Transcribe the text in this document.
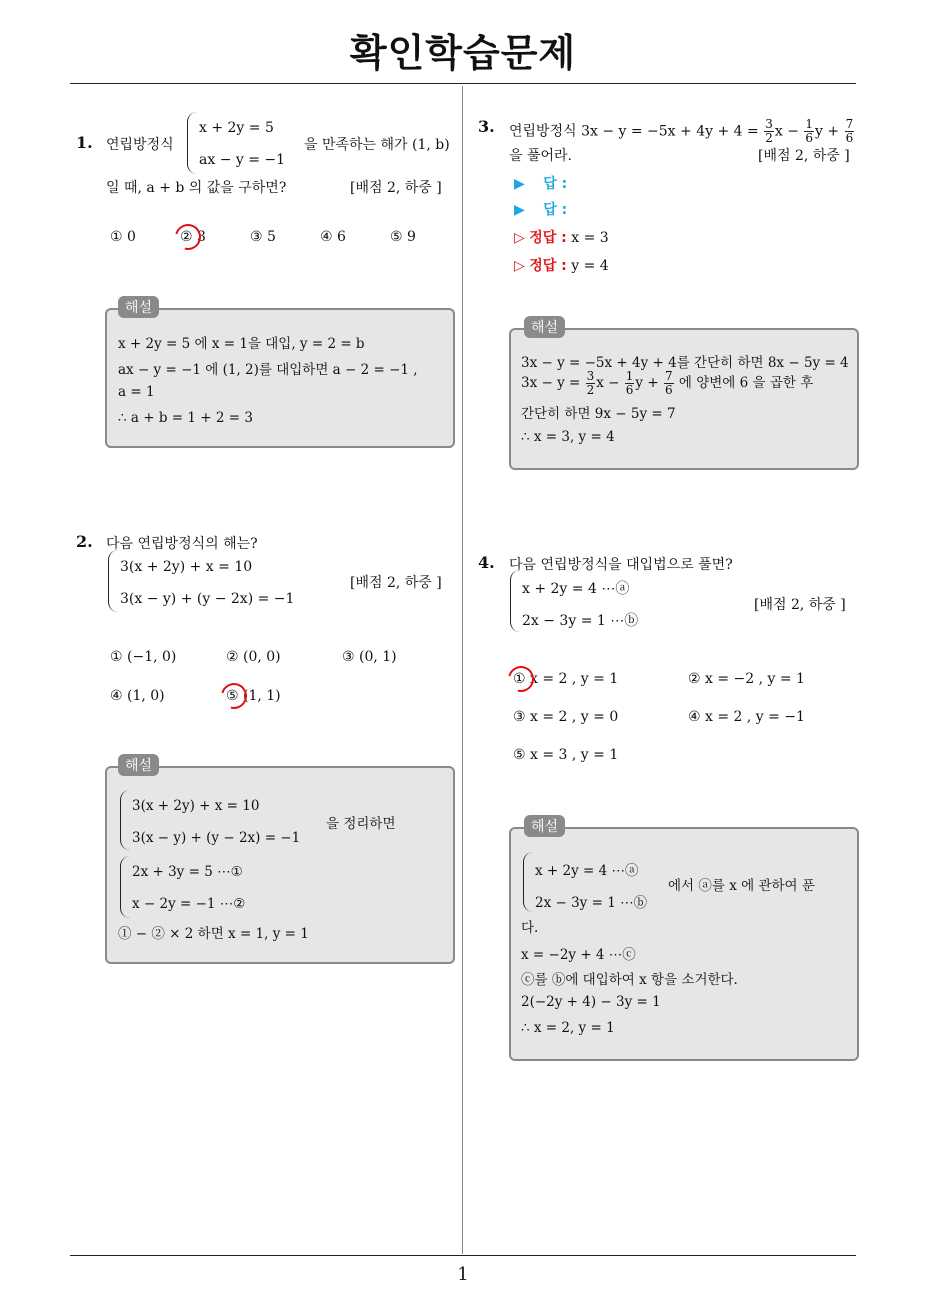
확인학습문제
1
1. 연립방정식
x + 2y = 5
ax − y = −1
을 만족하는 해가 (1, b)
일 때, a + b 의 값을 구하면?	[배점 2, 하중 ]
① 0	② 3	③ 5	④ 6	⑤ 9
해설
x + 2y = 5 에 x = 1을 대입, y = 2 = b
ax − y = −1 에 (1, 2)를 대입하면 a − 2 = −1 ,
a = 1
∴ a + b = 1 + 2 = 3
2. 다음 연립방정식의 해는?
3(x + 2y) + x = 10
3(x − y) + (y − 2x) = −1
[배점 2, 하중 ]
① (−1, 0)	② (0, 0)	③ (0, 1)
④ (1, 0)	⑤ (1, 1)
해설
3(x + 2y) + x = 10
3(x − y) + (y − 2x) = −1
을 정리하면
2x + 3y = 5 ⋯①
x − 2y = −1 ⋯②
① − ② × 2 하면 x = 1, y = 1
3. 연립방정식 $3x - y = -5x + 4y + 4 = \frac{3}{2}$ $x - \frac{1}{6}$ $y + \frac{7}{6}$
을 풀어라.	[배점 2, 하중 ]
▶ 답 :
▶ 답 :
▷ 정답 : x = 3
▷ 정답 : y = 4
해설
3x − y = −5x + 4y + 4를 간단히 하면 8x − 5y = 4
$3x - y = \frac{3}{2}$ $x - \frac{1}{6}$ $y + \frac{7}{6}$ 에 양변에 6 을 곱한 후
간단히 하면 9x − 5y = 7
∴ x = 3, y = 4
4. 다음 연립방정식을 대입법으로 풀면?
x + 2y = 4 ⋯ⓐ
2x − 3y = 1 ⋯ⓑ
[배점 2, 하중 ]
① x = 2 , y = 1	② x = −2 , y = 1
③ x = 2 , y = 0	④ x = 2 , y = −1
⑤ x = 3 , y = 1
해설
x + 2y = 4 ⋯ⓐ
2x − 3y = 1 ⋯ⓑ
에서 ⓐ를 x 에 관하여 푼
다.
x = −2y + 4 ⋯ⓒ
ⓒ를 ⓑ에 대입하여 x 항을 소거한다.
2(−2y + 4) − 3y = 1
∴ x = 2, y = 1
